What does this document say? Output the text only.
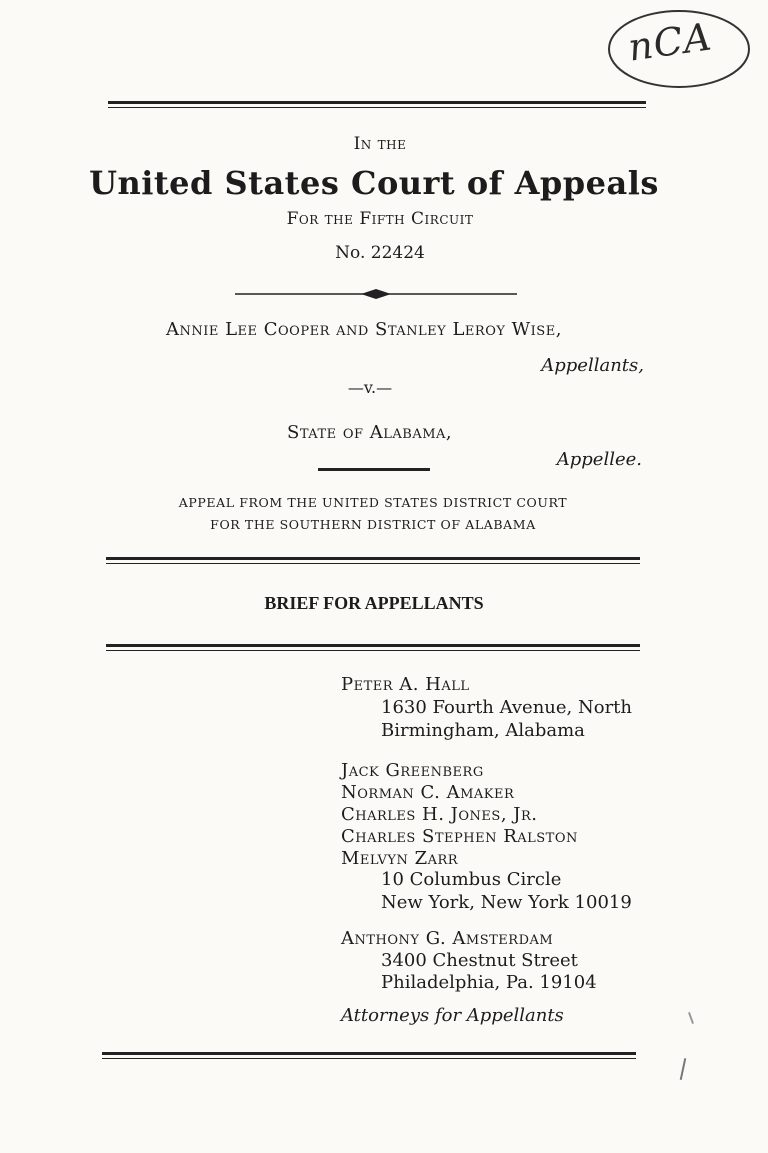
nCA
In the
United States Court of Appeals
For the Fifth Circuit
No. 22424
Annie Lee Cooper and Stanley Leroy Wise,
Appellants,
—v.—
State of Alabama,
Appellee.
APPEAL FROM THE UNITED STATES DISTRICT COURT
FOR THE SOUTHERN DISTRICT OF ALABAMA
BRIEF FOR APPELLANTS
Peter A. Hall
1630 Fourth Avenue, North
Birmingham, Alabama
Jack Greenberg
Norman C. Amaker
Charles H. Jones, Jr.
Charles Stephen Ralston
Melvyn Zarr
10 Columbus Circle
New York, New York 10019
Anthony G. Amsterdam
3400 Chestnut Street
Philadelphia, Pa. 19104
Attorneys for Appellants
